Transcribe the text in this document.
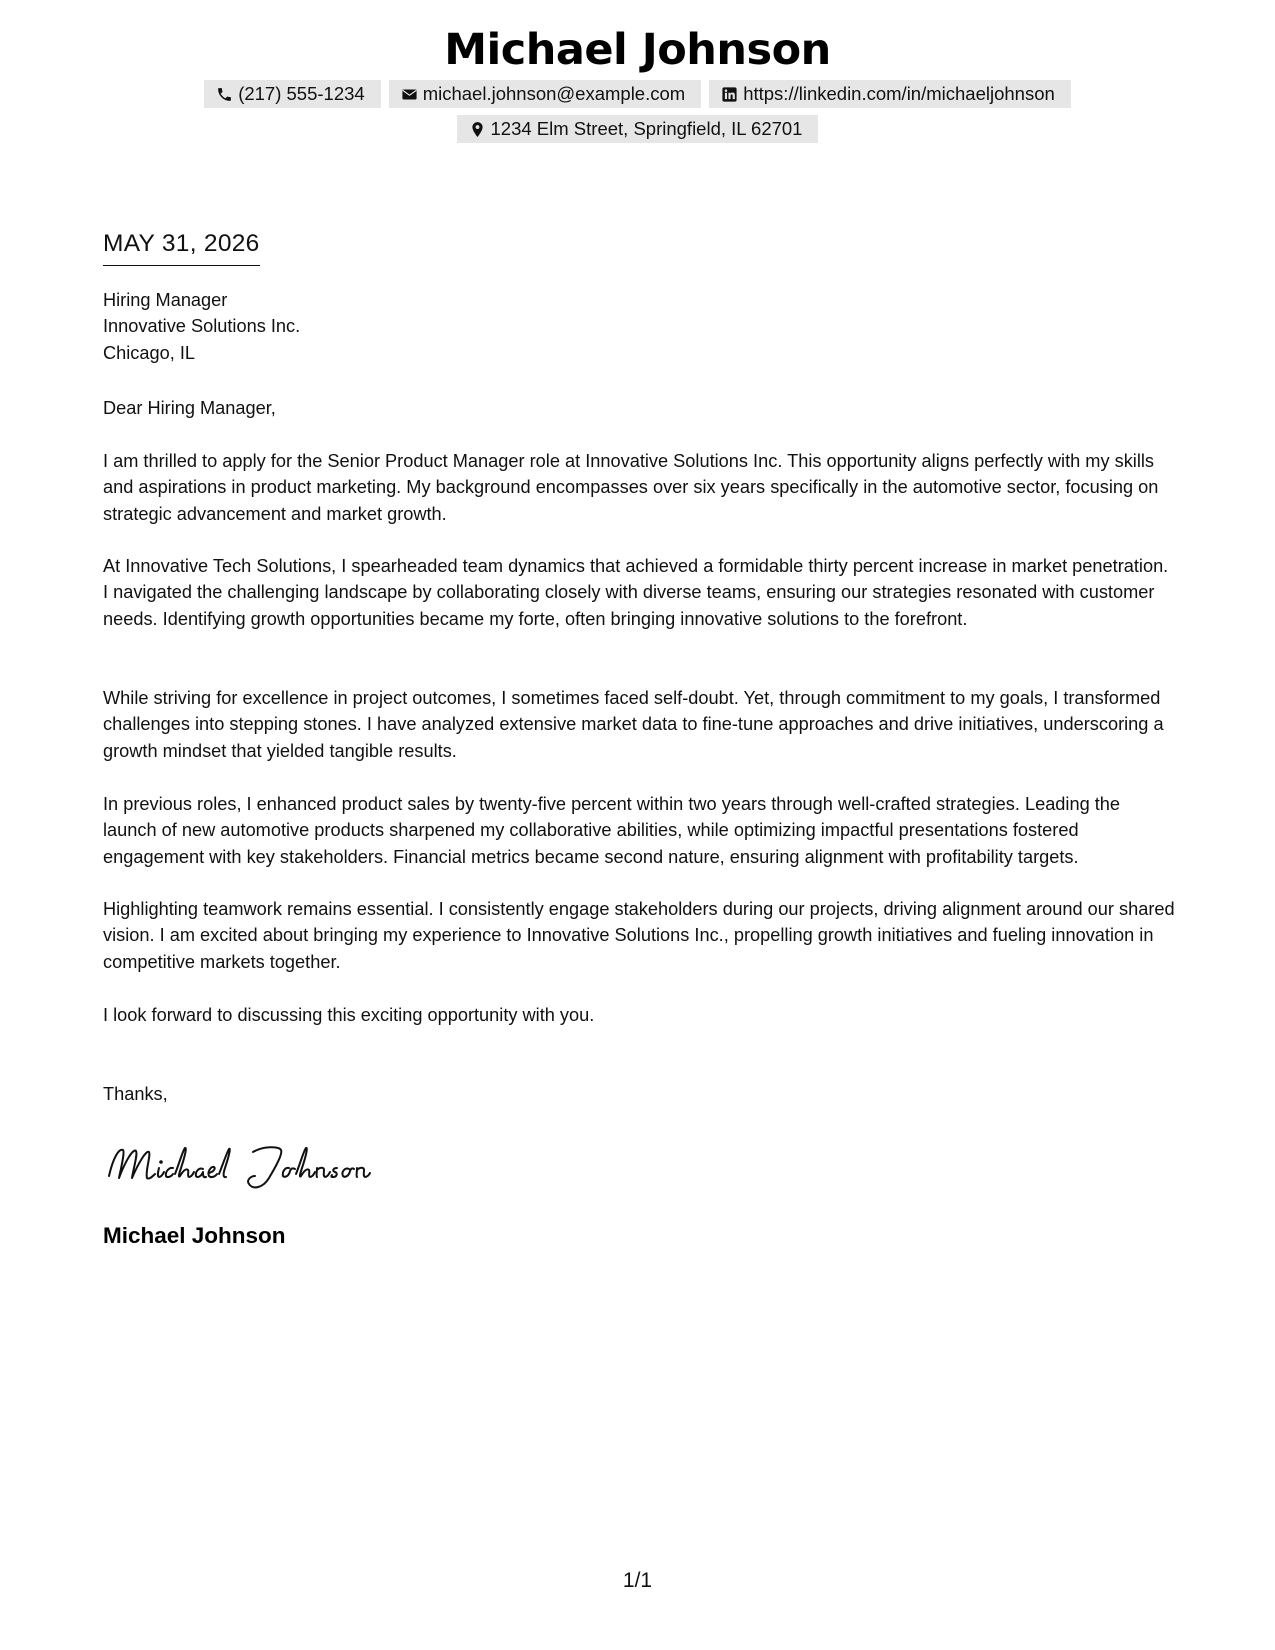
Michael Johnson
(217) 555-1234	michael.johnson@example.com	https://linkedin.com/in/michaeljohnson
1234 Elm Street, Springfield, IL 62701
MAY 31, 2026
Hiring Manager
Innovative Solutions Inc.
Chicago, IL
Dear Hiring Manager,
I am thrilled to apply for the Senior Product Manager role at Innovative Solutions Inc. This opportunity aligns perfectly with my skills and aspirations in product marketing. My background encompasses over six years specifically in the automotive sector, focusing on strategic advancement and market growth.
At Innovative Tech Solutions, I spearheaded team dynamics that achieved a formidable thirty percent increase in market penetration. I navigated the challenging landscape by collaborating closely with diverse teams, ensuring our strategies resonated with customer needs. Identifying growth opportunities became my forte, often bringing innovative solutions to the forefront.
While striving for excellence in project outcomes, I sometimes faced self-doubt. Yet, through commitment to my goals, I transformed challenges into stepping stones. I have analyzed extensive market data to fine-tune approaches and drive initiatives, underscoring a growth mindset that yielded tangible results.
In previous roles, I enhanced product sales by twenty-five percent within two years through well-crafted strategies. Leading the launch of new automotive products sharpened my collaborative abilities, while optimizing impactful presentations fostered engagement with key stakeholders. Financial metrics became second nature, ensuring alignment with profitability targets.
Highlighting teamwork remains essential. I consistently engage stakeholders during our projects, driving alignment around our shared vision. I am excited about bringing my experience to Innovative Solutions Inc., propelling growth initiatives and fueling innovation in competitive markets together.
I look forward to discussing this exciting opportunity with you.
Thanks,
Michael Johnson
1/1
